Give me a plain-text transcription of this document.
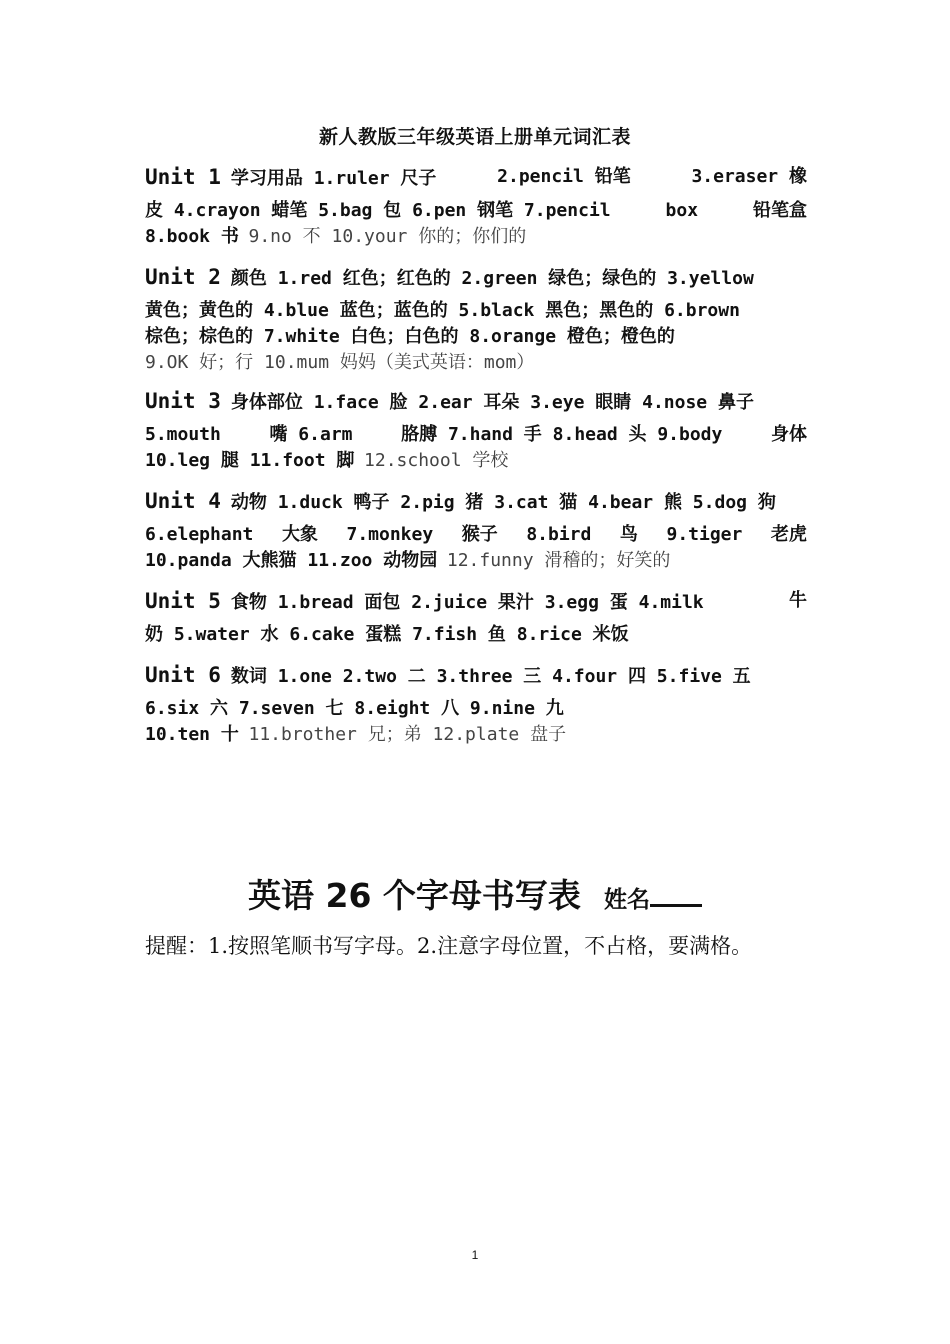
新人教版三年级英语上册单元词汇表
Unit 1 学习用品 1.ruler 尺子	2.pencil 铅笔	3.eraser 橡
皮 4.crayon 蜡笔 5.bag 包 6.pen 钢笔 7.pencil	box	铅笔盒
8.book 书 9.no 不 10.your 你的；你们的
Unit 2 颜色 1.red 红色；红色的 2.green 绿色；绿色的 3.yellow
黄色；黄色的 4.blue 蓝色；蓝色的 5.black 黑色；黑色的 6.brown
棕色；棕色的 7.white 白色；白色的 8.orange 橙色；橙色的
9.OK 好；行 10.mum 妈妈（美式英语：mom）
Unit 3 身体部位 1.face 脸 2.ear 耳朵 3.eye 眼睛 4.nose 鼻子
5.mouth	嘴 6.arm	胳膊 7.hand 手 8.head 头 9.body	身体
10.leg 腿 11.foot 脚 12.school 学校
Unit 4 动物 1.duck 鸭子 2.pig 猪 3.cat 猫 4.bear 熊 5.dog 狗
6.elephant 大象 7.monkey 猴子 8.bird 鸟 9.tiger 老虎
10.panda 大熊猫 11.zoo 动物园 12.funny 滑稽的；好笑的
Unit 5 食物 1.bread 面包 2.juice 果汁 3.egg 蛋 4.milk	牛
奶 5.water 水 6.cake 蛋糕 7.fish 鱼 8.rice 米饭
Unit 6 数词 1.one 2.two 二 3.three 三 4.four 四 5.five 五
6.six 六 7.seven 七 8.eight 八 9.nine 九
10.ten 十 11.brother 兄；弟 12.plate 盘子
英语 26 个字母书写表 姓名
提醒：1.按照笔顺书写字母。2.注意字母位置，不占格，要满格。
1
